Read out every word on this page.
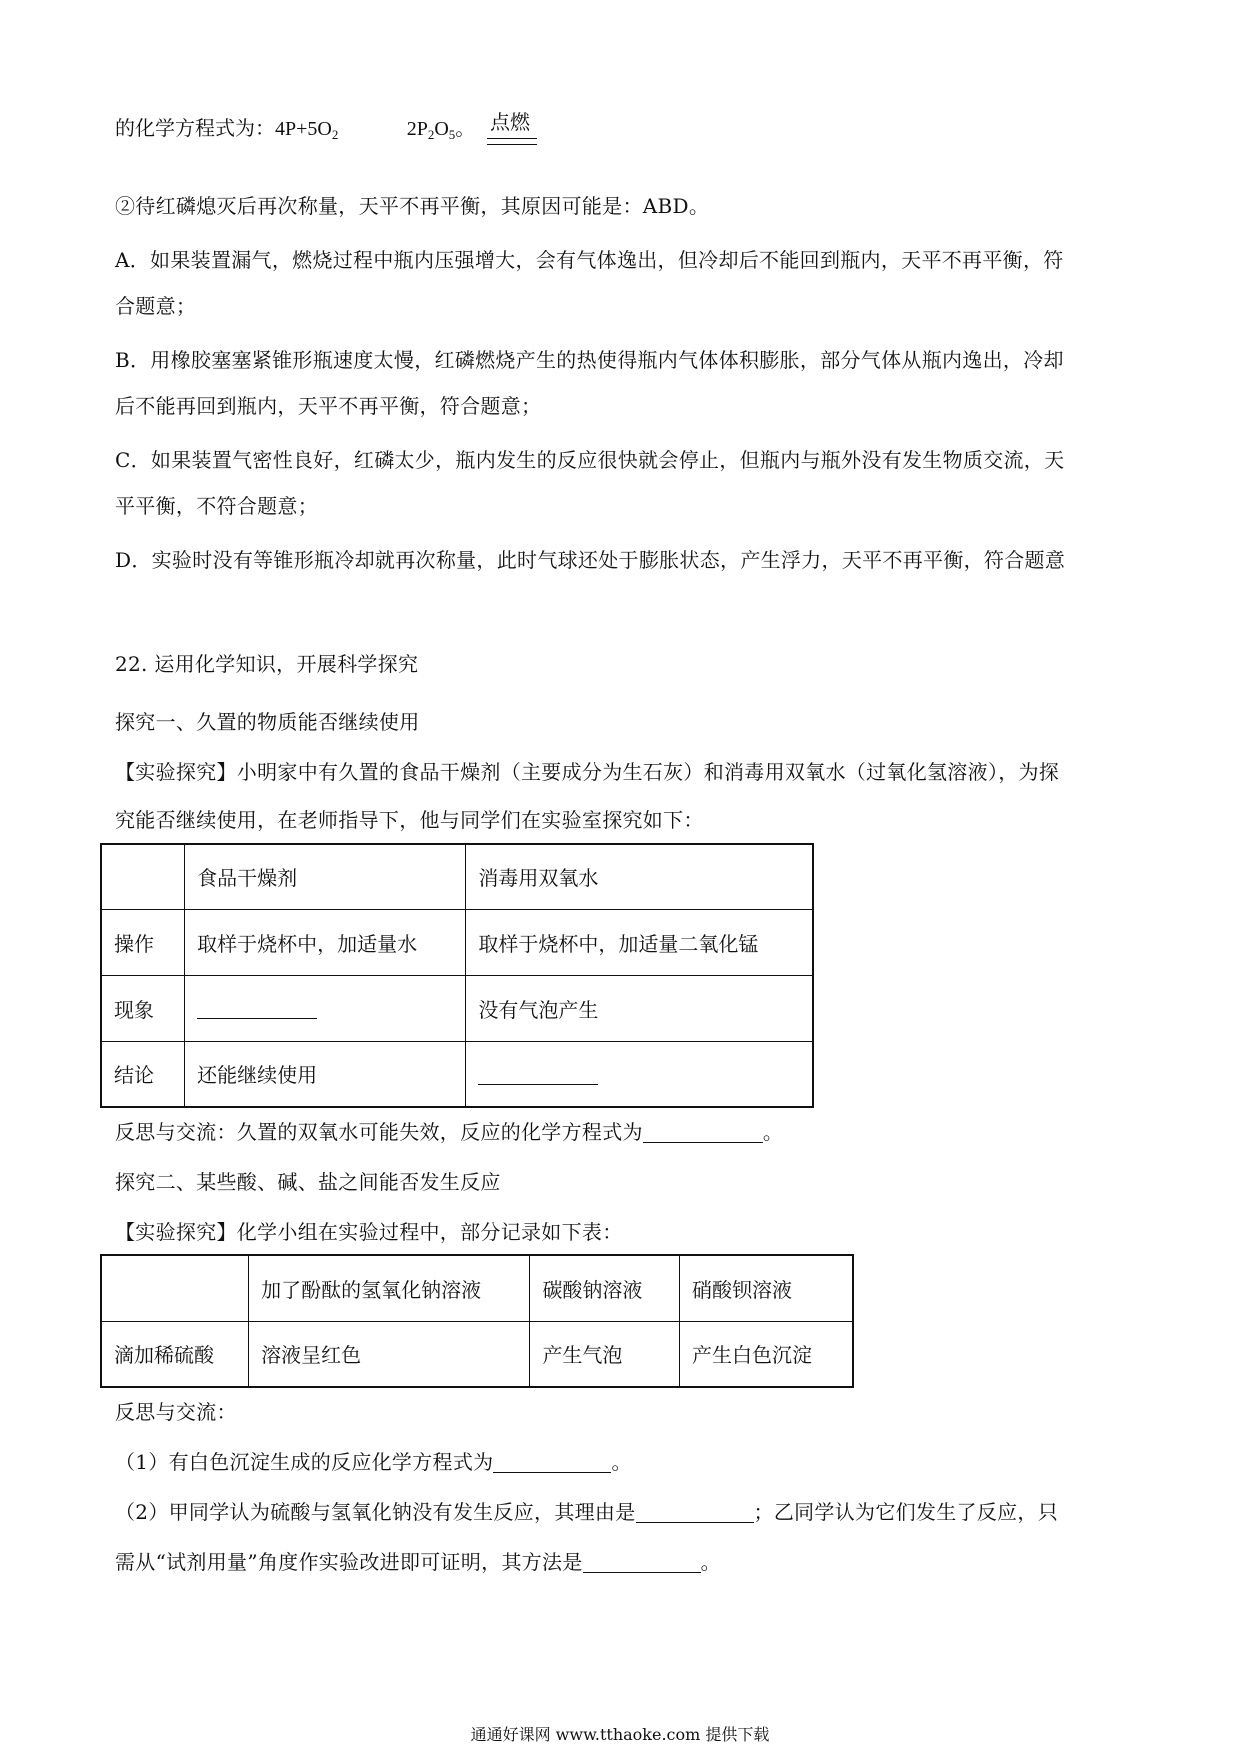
的化学方程式为：$4P+5O_2$
点燃
$2P_2O_5$。
②待红磷熄灭后再次称量，天平不再平衡，其原因可能是：ABD。
A．如果装置漏气，燃烧过程中瓶内压强增大，会有气体逸出，但冷却后不能回到瓶内，天平不再平衡，符
合题意；
B．用橡胶塞塞紧锥形瓶速度太慢，红磷燃烧产生的热使得瓶内气体体积膨胀，部分气体从瓶内逸出，冷却
后不能再回到瓶内，天平不再平衡，符合题意；
C．如果装置气密性良好，红磷太少，瓶内发生的反应很快就会停止，但瓶内与瓶外没有发生物质交流，天
平平衡，不符合题意；
D．实验时没有等锥形瓶冷却就再次称量，此时气球还处于膨胀状态，产生浮力，天平不再平衡，符合题意
22. 运用化学知识，开展科学探究
探究一、久置的物质能否继续使用
【实验探究】小明家中有久置的食品干燥剂（主要成分为生石灰）和消毒用双氧水（过氧化氢溶液），为探
究能否继续使用，在老师指导下，他与同学们在实验室探究如下：
	食品干燥剂	消毒用双氧水
操作	取样于烧杯中，加适量水	取样于烧杯中，加适量二氧化锰
现象		没有气泡产生
结论	还能继续使用	
反思与交流：久置的双氧水可能失效，反应的化学方程式为	。
探究二、某些酸、碱、盐之间能否发生反应
【实验探究】化学小组在实验过程中，部分记录如下表：
	加了酚酞的氢氧化钠溶液	碳酸钠溶液	硝酸钡溶液
滴加稀硫酸	溶液呈红色	产生气泡	产生白色沉淀
反思与交流：
（1）有白色沉淀生成的反应化学方程式为	。
（2）甲同学认为硫酸与氢氧化钠没有发生反应，其理由是	；乙同学认为它们发生了反应，只
需从“试剂用量”角度作实验改进即可证明，其方法是	。
通通好课网 www.tthaoke.com 提供下载
